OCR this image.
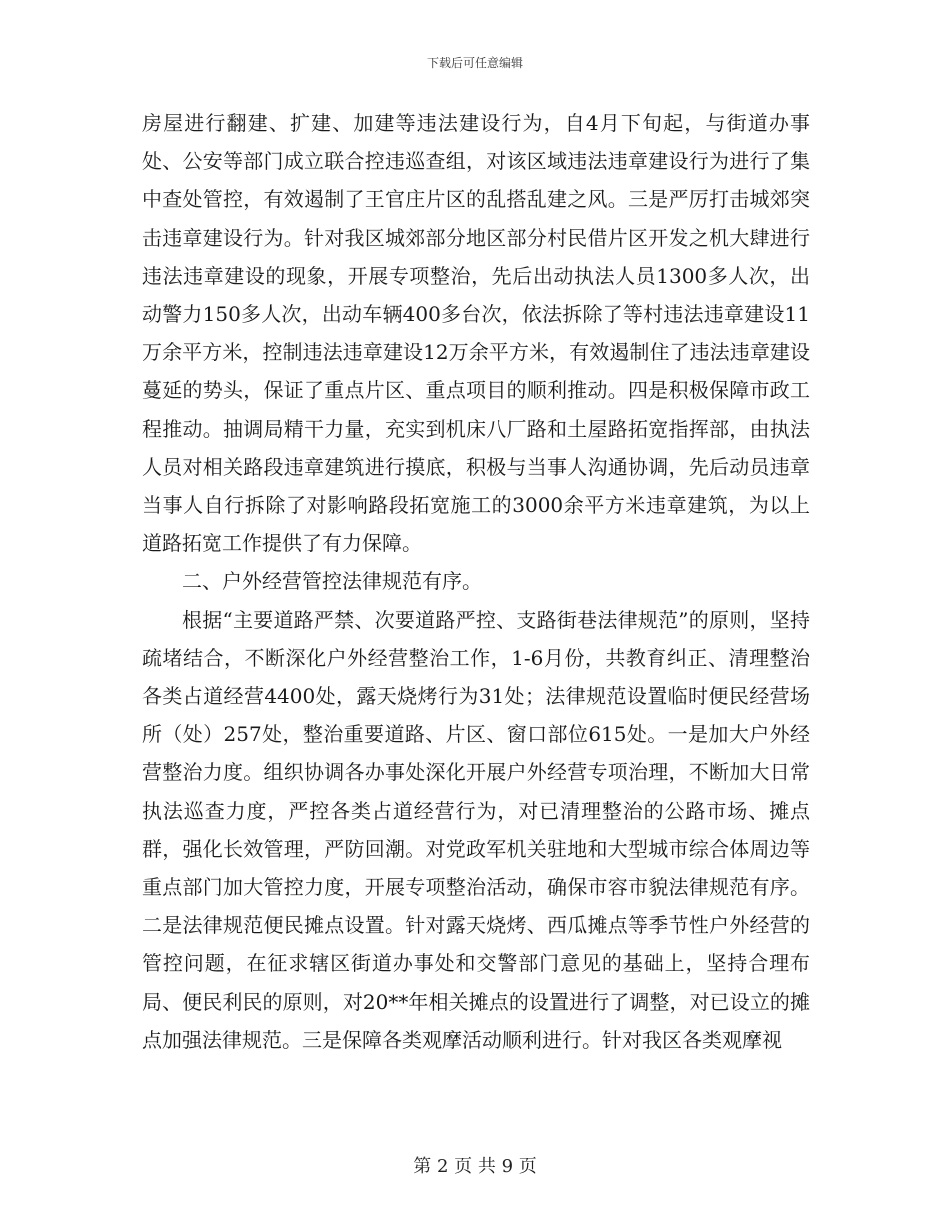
下载后可任意编辑

房屋进行翻建、扩建、加建等违法建设行为，自4月下旬起，与街道办事处、公安等部门成立联合控违巡查组，对该区域违法违章建设行为进行了集中查处管控，有效遏制了王官庄片区的乱搭乱建之风。三是严厉打击城郊突击违章建设行为。针对我区城郊部分地区部分村民借片区开发之机大肆进行违法违章建设的现象，开展专项整治，先后出动执法人员1300多人次，出动警力150多人次，出动车辆400多台次，依法拆除了等村违法违章建设11万余平方米，控制违法违章建设12万余平方米，有效遏制住了违法违章建设蔓延的势头，保证了重点片区、重点项目的顺利推动。四是积极保障市政工程推动。抽调局精干力量，充实到机床八厂路和土屋路拓宽指挥部，由执法人员对相关路段违章建筑进行摸底，积极与当事人沟通协调，先后动员违章当事人自行拆除了对影响路段拓宽施工的3000余平方米违章建筑，为以上道路拓宽工作提供了有力保障。

二、户外经营管控法律规范有序。

根据“主要道路严禁、次要道路严控、支路街巷法律规范”的原则，坚持疏堵结合，不断深化户外经营整治工作，1-6月份，共教育纠正、清理整治各类占道经营4400处，露天烧烤行为31处；法律规范设置临时便民经营场所（处）257处，整治重要道路、片区、窗口部位615处。一是加大户外经营整治力度。组织协调各办事处深化开展户外经营专项治理，不断加大日常执法巡查力度，严控各类占道经营行为，对已清理整治的公路市场、摊点群，强化长效管理，严防回潮。对党政军机关驻地和大型城市综合体周边等重点部门加大管控力度，开展专项整治活动，确保市容市貌法律规范有序。二是法律规范便民摊点设置。针对露天烧烤、西瓜摊点等季节性户外经营的管控问题，在征求辖区街道办事处和交警部门意见的基础上，坚持合理布局、便民利民的原则，对20**年相关摊点的设置进行了调整，对已设立的摊点加强法律规范。三是保障各类观摩活动顺利进行。针对我区各类观摩视

第 2 页 共 9 页
